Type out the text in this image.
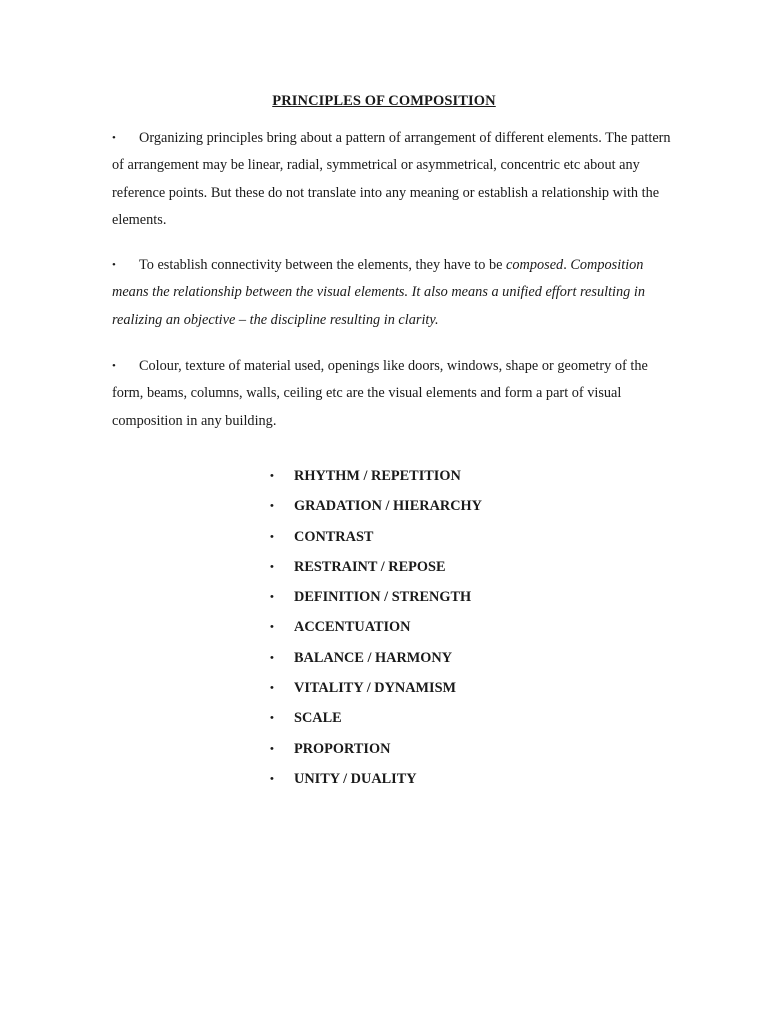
PRINCIPLES OF COMPOSITION
• Organizing principles bring about a pattern of arrangement of different elements. The pattern of arrangement may be linear, radial, symmetrical or asymmetrical, concentric etc about any reference points. But these do not translate into any meaning or establish a relationship with the elements.
• To establish connectivity between the elements, they have to be composed. Composition means the relationship between the visual elements. It also means a unified effort resulting in realizing an objective – the discipline resulting in clarity.
• Colour, texture of material used, openings like doors, windows, shape or geometry of the form, beams, columns, walls, ceiling etc are the visual elements and form a part of visual composition in any building.
• RHYTHM / REPETITION
• GRADATION / HIERARCHY
• CONTRAST
• RESTRAINT / REPOSE
• DEFINITION / STRENGTH
• ACCENTUATION
• BALANCE / HARMONY
• VITALITY / DYNAMISM
• SCALE
• PROPORTION
• UNITY / DUALITY
